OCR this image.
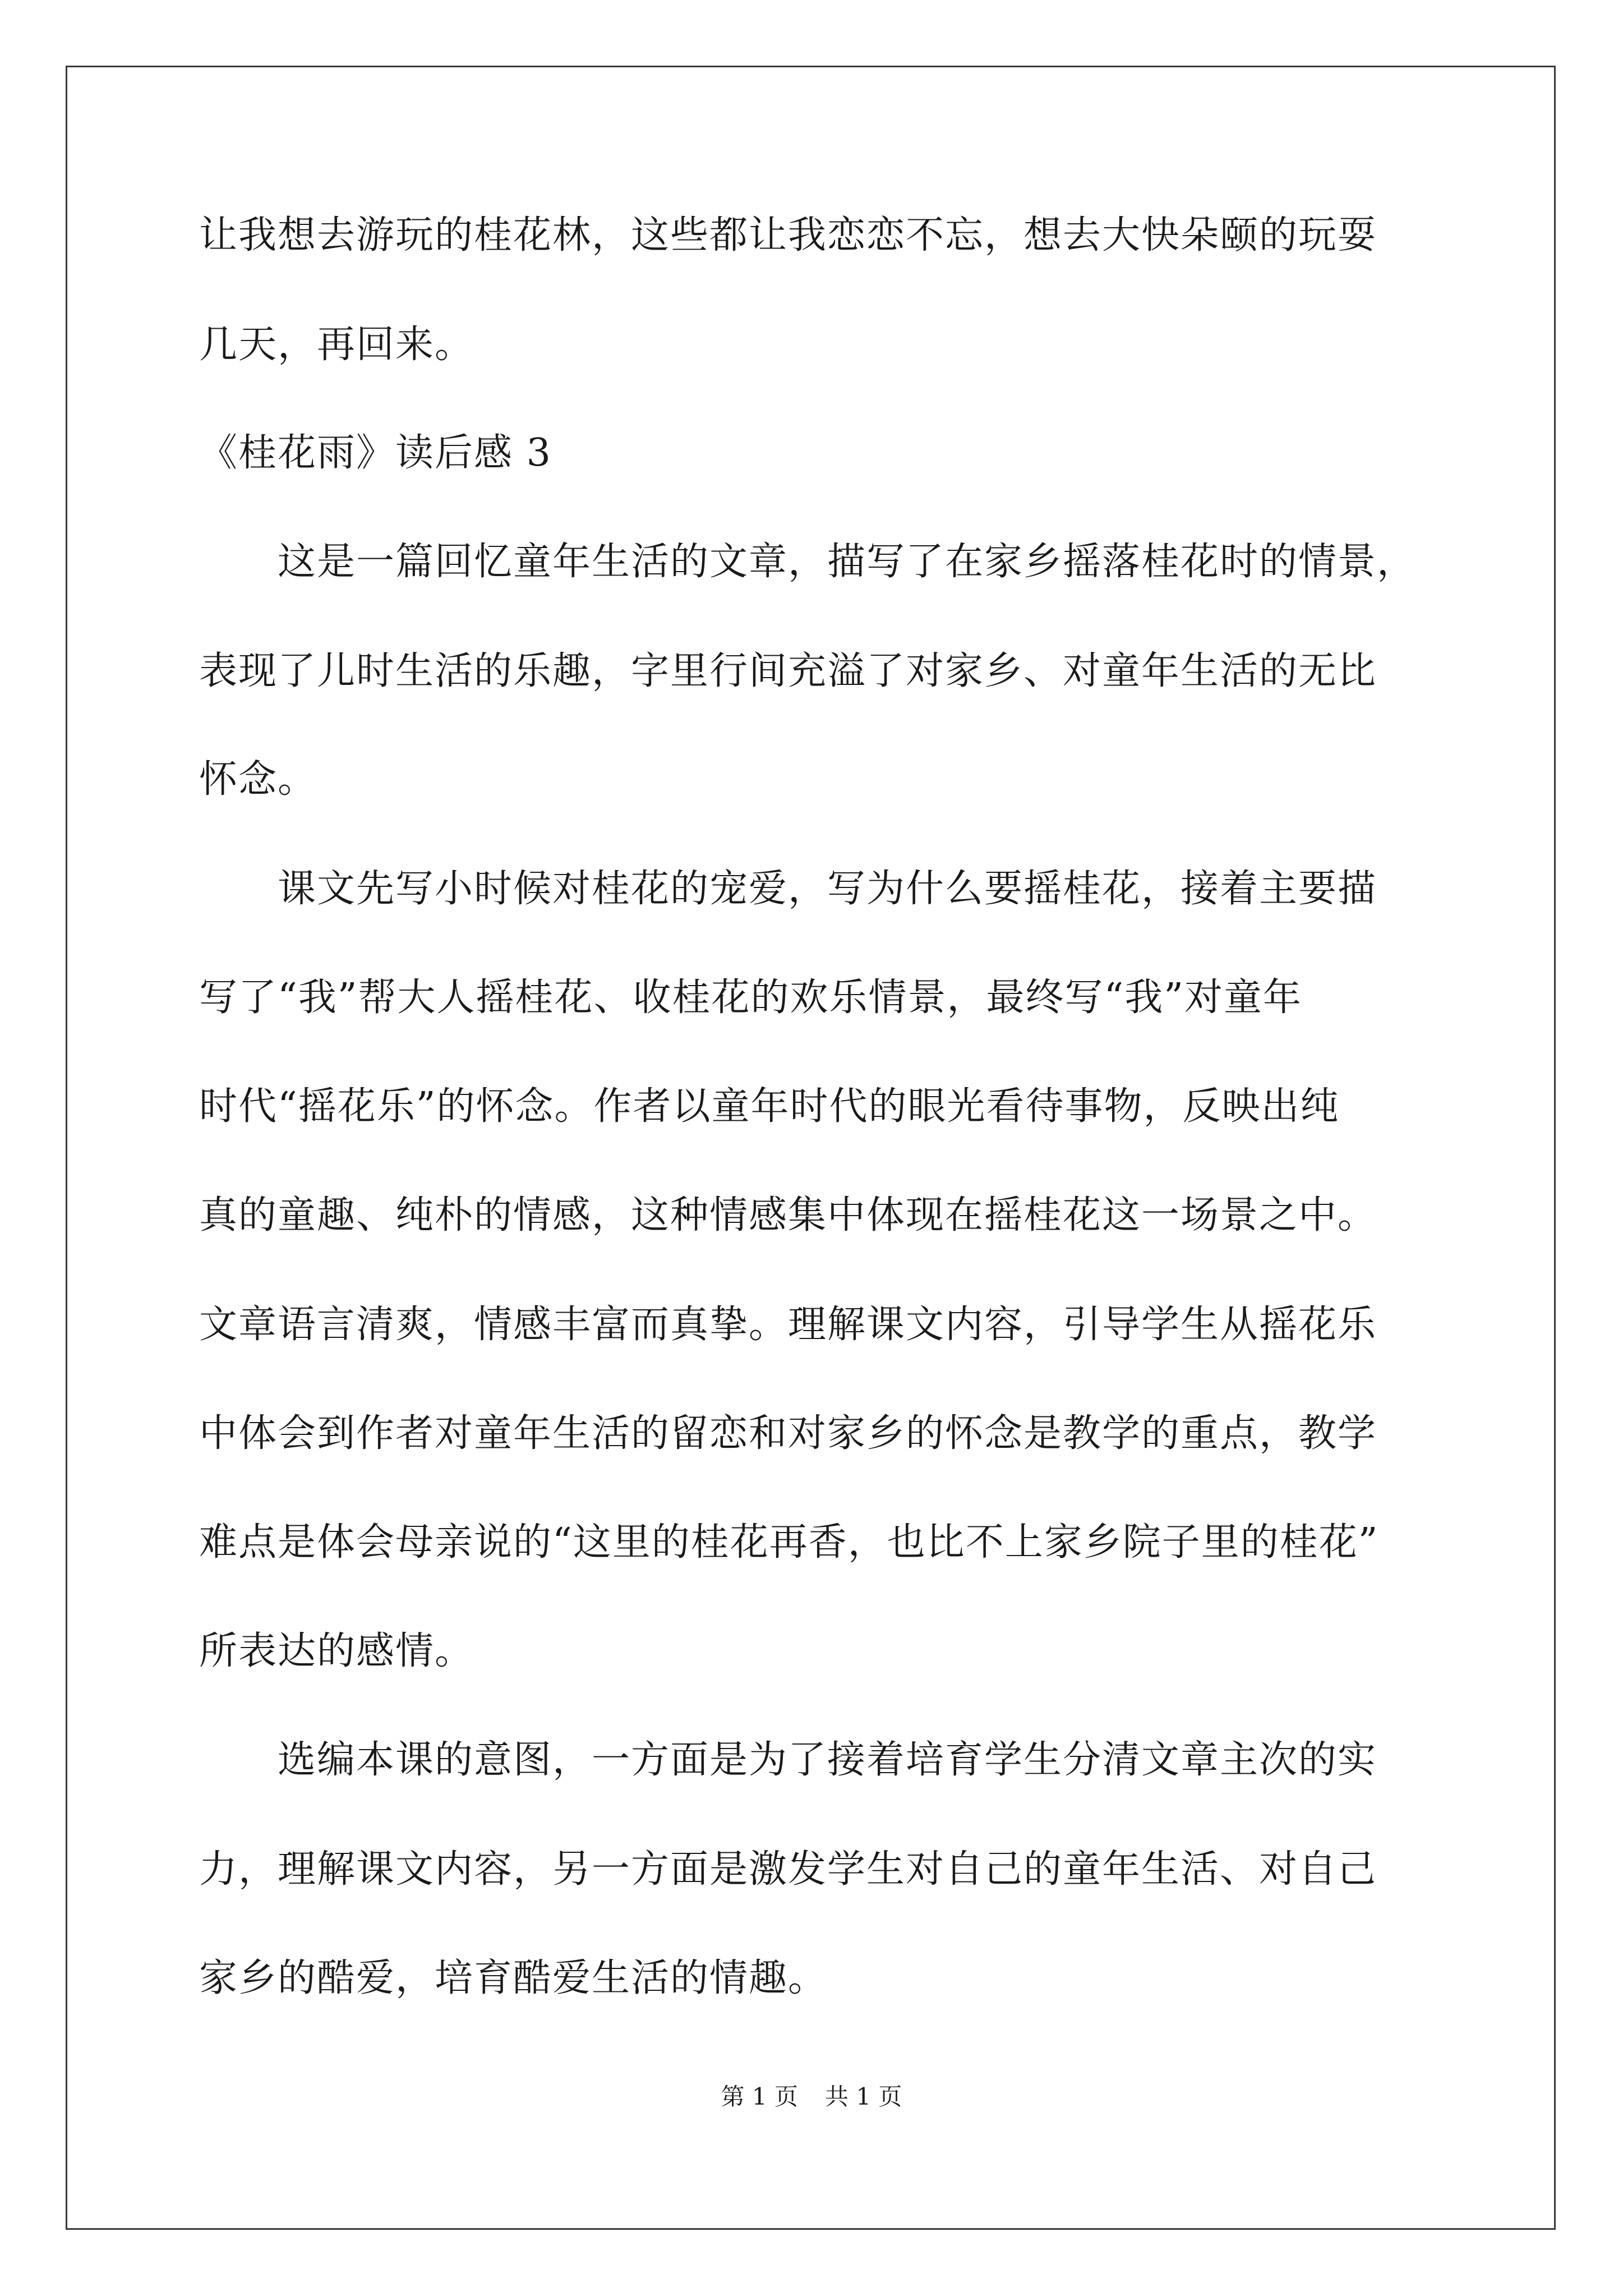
让我想去游玩的桂花林，这些都让我恋恋不忘，想去大快朵颐的玩耍
几天，再回来。
《桂花雨》读后感 3
　　这是一篇回忆童年生活的文章，描写了在家乡摇落桂花时的情景，
表现了儿时生活的乐趣，字里行间充溢了对家乡、对童年生活的无比
怀念。
　　课文先写小时候对桂花的宠爱，写为什么要摇桂花，接着主要描
写了“我”帮大人摇桂花、收桂花的欢乐情景，最终写“我”对童年
时代“摇花乐”的怀念。作者以童年时代的眼光看待事物，反映出纯
真的童趣、纯朴的情感，这种情感集中体现在摇桂花这一场景之中。
文章语言清爽，情感丰富而真挚。理解课文内容，引导学生从摇花乐
中体会到作者对童年生活的留恋和对家乡的怀念是教学的重点，教学
难点是体会母亲说的“这里的桂花再香，也比不上家乡院子里的桂花”
所表达的感情。
　　选编本课的意图，一方面是为了接着培育学生分清文章主次的实
力，理解课文内容，另一方面是激发学生对自己的童年生活、对自己
家乡的酷爱，培育酷爱生活的情趣。
第 1 页 共 1 页
